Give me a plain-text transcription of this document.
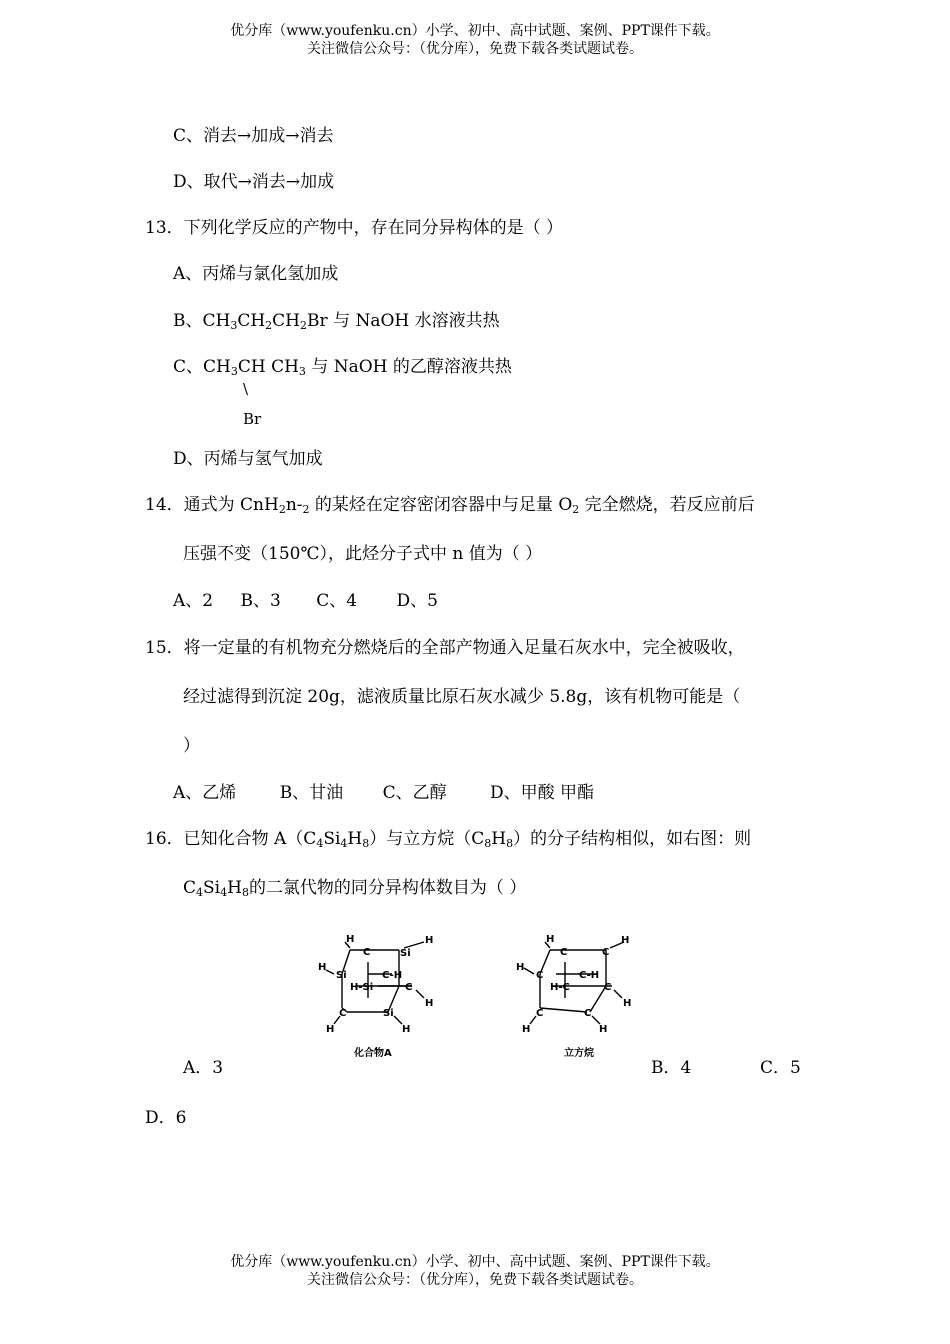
优分库（www.youfenku.cn）小学、初中、高中试题、案例、PPT课件下载。
关注微信公众号：（优分库），免费下载各类试题试卷。
C、消去→加成→消去
D、取代→消去→加成
13．下列化学反应的产物中，存在同分异构体的是（ ）
A、丙烯与氯化氢加成
B、$CH_3CH_2CH_2Br$ 与 NaOH 水溶液共热
C、$CH_3CH$ $CH_3$ 与 NaOH 的乙醇溶液共热
\
Br
D、丙烯与氢气加成
14．通式为 $CnH_2n-_2$ 的某烃在定容密闭容器中与足量 $O_2$ 完全燃烧，若反应前后
压强不变（150℃），此烃分子式中 n 值为（ ）
A、2 B、3 C、4 D、5
15．将一定量的有机物充分燃烧后的全部产物通入足量石灰水中，完全被吸收，
经过滤得到沉淀 20g，滤液质量比原石灰水减少 5.8g，该有机物可能是（
）
A、乙烯	B、甘油 C、乙醇	D、甲酸 甲酯
16．已知化合物 $A(C_4Si_4H_8)$与立方烷$(C_8H_8)$的分子结构相似，如右图：则
$C_4Si_4H_8$的二氯代物的同分异构体数目为（ ）
H
C	Si
H
H
Si	C-H
H-Si	C
H
C	Si
H	H
化合物A
H
C	C
H
H
C	C-H
H-C	C
H
C	C
H	H
立方烷
A．3	B．4	C．5
D．6
优分库（www.youfenku.cn）小学、初中、高中试题、案例、PPT课件下载。
关注微信公众号：（优分库），免费下载各类试题试卷。
